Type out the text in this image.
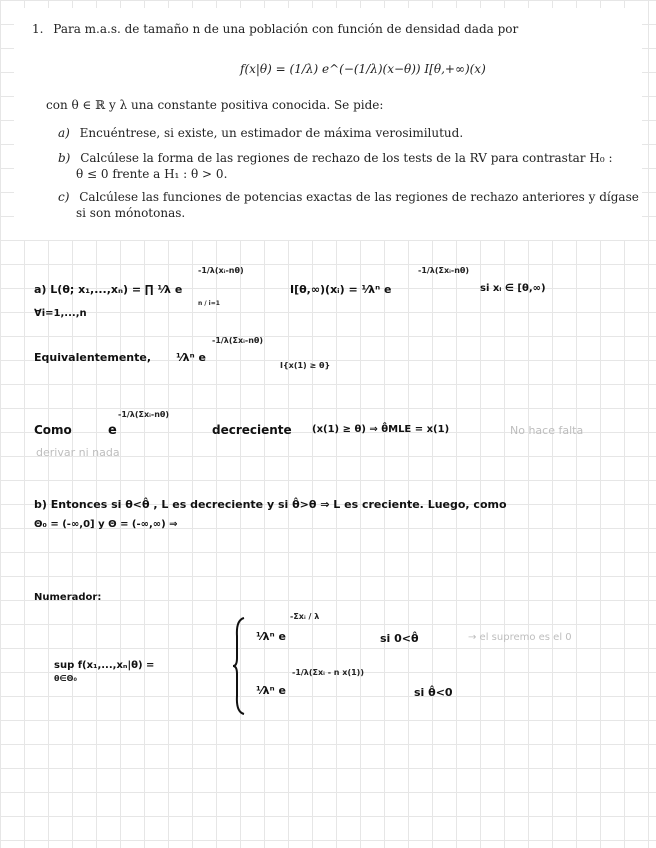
1. Para m.a.s. de tamaño n de una población con función de densidad dada por
f(x|θ) = (1/λ) e^(−(1/λ)(x−θ)) I[θ,+∞)(x)
con θ ∈ ℝ y λ una constante positiva conocida. Se pide:
a) Encuéntrese, si existe, un estimador de máxima verosimilutud.
b) Calcúlese la forma de las regiones de rechazo de los tests de la RV para contrastar H₀ :
θ ≤ 0 frente a H₁ : θ > 0.
c) Calcúlese las funciones de potencias exactas de las regiones de rechazo anteriores y dígase
si son mónotonas.
a) L(θ; x₁,...,xₙ) = ∏ ¹⁄λ e
-1/λ(xᵢ-nθ)
I[θ,∞)(xᵢ) = ¹⁄λⁿ e
-1/λ(Σxᵢ-nθ)
si xᵢ ∈ [θ,∞)
n / i=1
∀i=1,...,n
Equivalentemente, ¹⁄λⁿ e
-1/λ(Σxᵢ-nθ)
I{x(1) ≥ θ}
Como	e
-1/λ(Σxᵢ-nθ)
decreciente (x(1) ≥ θ) ⇒ θ̂MLE = x(1)	No hace falta
derivar ni nada
b) Entonces si θ<θ̂ , L es decreciente y si θ̂>θ ⇒ L es creciente. Luego, como
Θ₀ = (-∞,0] y Θ = (-∞,∞) ⇒
Numerador:
sup f(x₁,...,xₙ|θ) =
θ∈Θ₀
¹⁄λⁿ e
-Σxᵢ / λ
si 0<θ̂	→ el supremo es el 0
¹⁄λⁿ e
-1/λ(Σxᵢ - n x(1))
si θ̂<0
